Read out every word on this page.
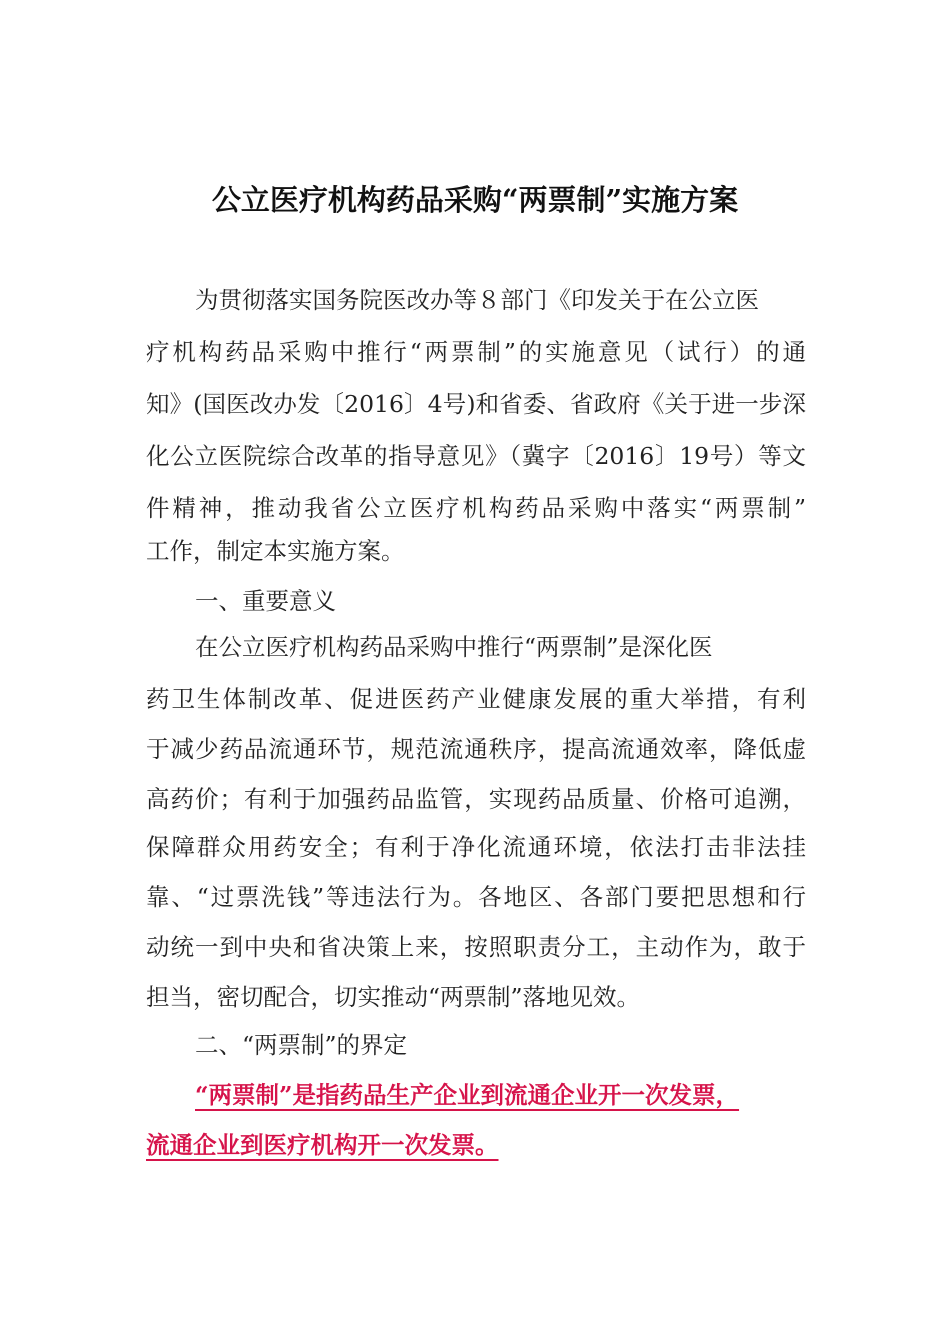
公立医疗机构药品采购“两票制”实施方案
为贯彻落实国务院医改办等８部门《印发关于在公立医
疗机构药品采购中推行“两票制”的实施意见（试行）的通
知》(国医改办发〔2016〕4号)和省委、省政府《关于进一步深
化公立医院综合改革的指导意见》（冀字〔2016〕19号）等文
件精神，推动我省公立医疗机构药品采购中落实“两票制”
工作，制定本实施方案。
一、重要意义
在公立医疗机构药品采购中推行“两票制”是深化医
药卫生体制改革、促进医药产业健康发展的重大举措，有利
于减少药品流通环节，规范流通秩序，提高流通效率，降低虚
高药价；有利于加强药品监管，实现药品质量、价格可追溯，
保障群众用药安全；有利于净化流通环境，依法打击非法挂
靠、“过票洗钱”等违法行为。各地区、各部门要把思想和行
动统一到中央和省决策上来，按照职责分工，主动作为，敢于
担当，密切配合，切实推动“两票制”落地见效。
二、“两票制”的界定
“两票制”是指药品生产企业到流通企业开一次发票，
流通企业到医疗机构开一次发票。
